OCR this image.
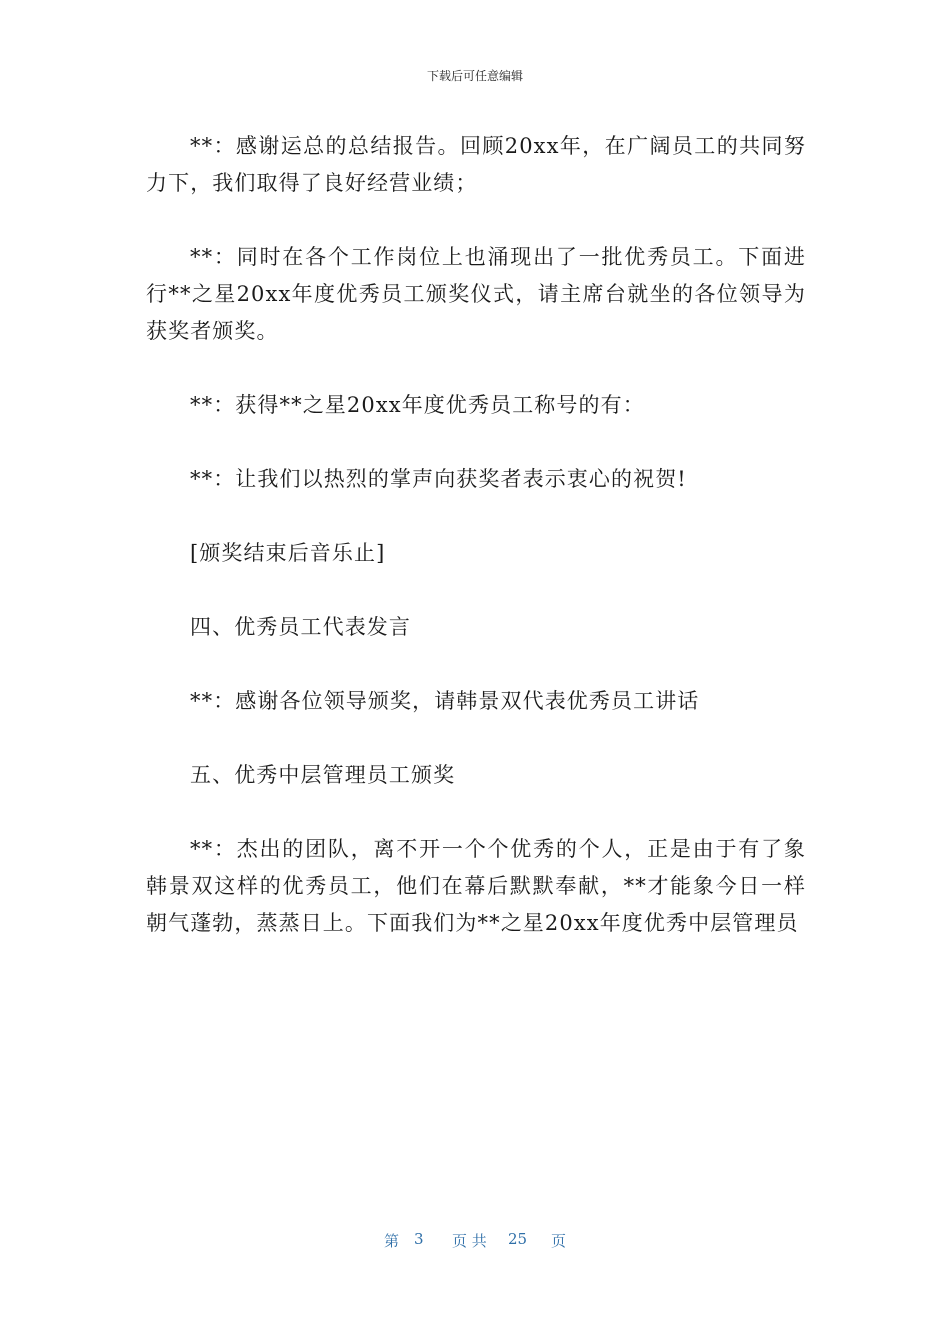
下载后可任意编辑

**：感谢运总的总结报告。回顾20xx年，在广阔员工的共同努力下，我们取得了良好经营业绩；

**：同时在各个工作岗位上也涌现出了一批优秀员工。下面进行**之星20xx年度优秀员工颁奖仪式，请主席台就坐的各位领导为获奖者颁奖。

**：获得**之星20xx年度优秀员工称号的有：

**：让我们以热烈的掌声向获奖者表示衷心的祝贺!

[颁奖结束后音乐止]

四、优秀员工代表发言

**：感谢各位领导颁奖，请韩景双代表优秀员工讲话

五、优秀中层管理员工颁奖

**：杰出的团队，离不开一个个优秀的个人，正是由于有了象韩景双这样的优秀员工，他们在幕后默默奉献，**才能象今日一样朝气蓬勃，蒸蒸日上。下面我们为**之星20xx年度优秀中层管理员

第 3 页 共 25 页
